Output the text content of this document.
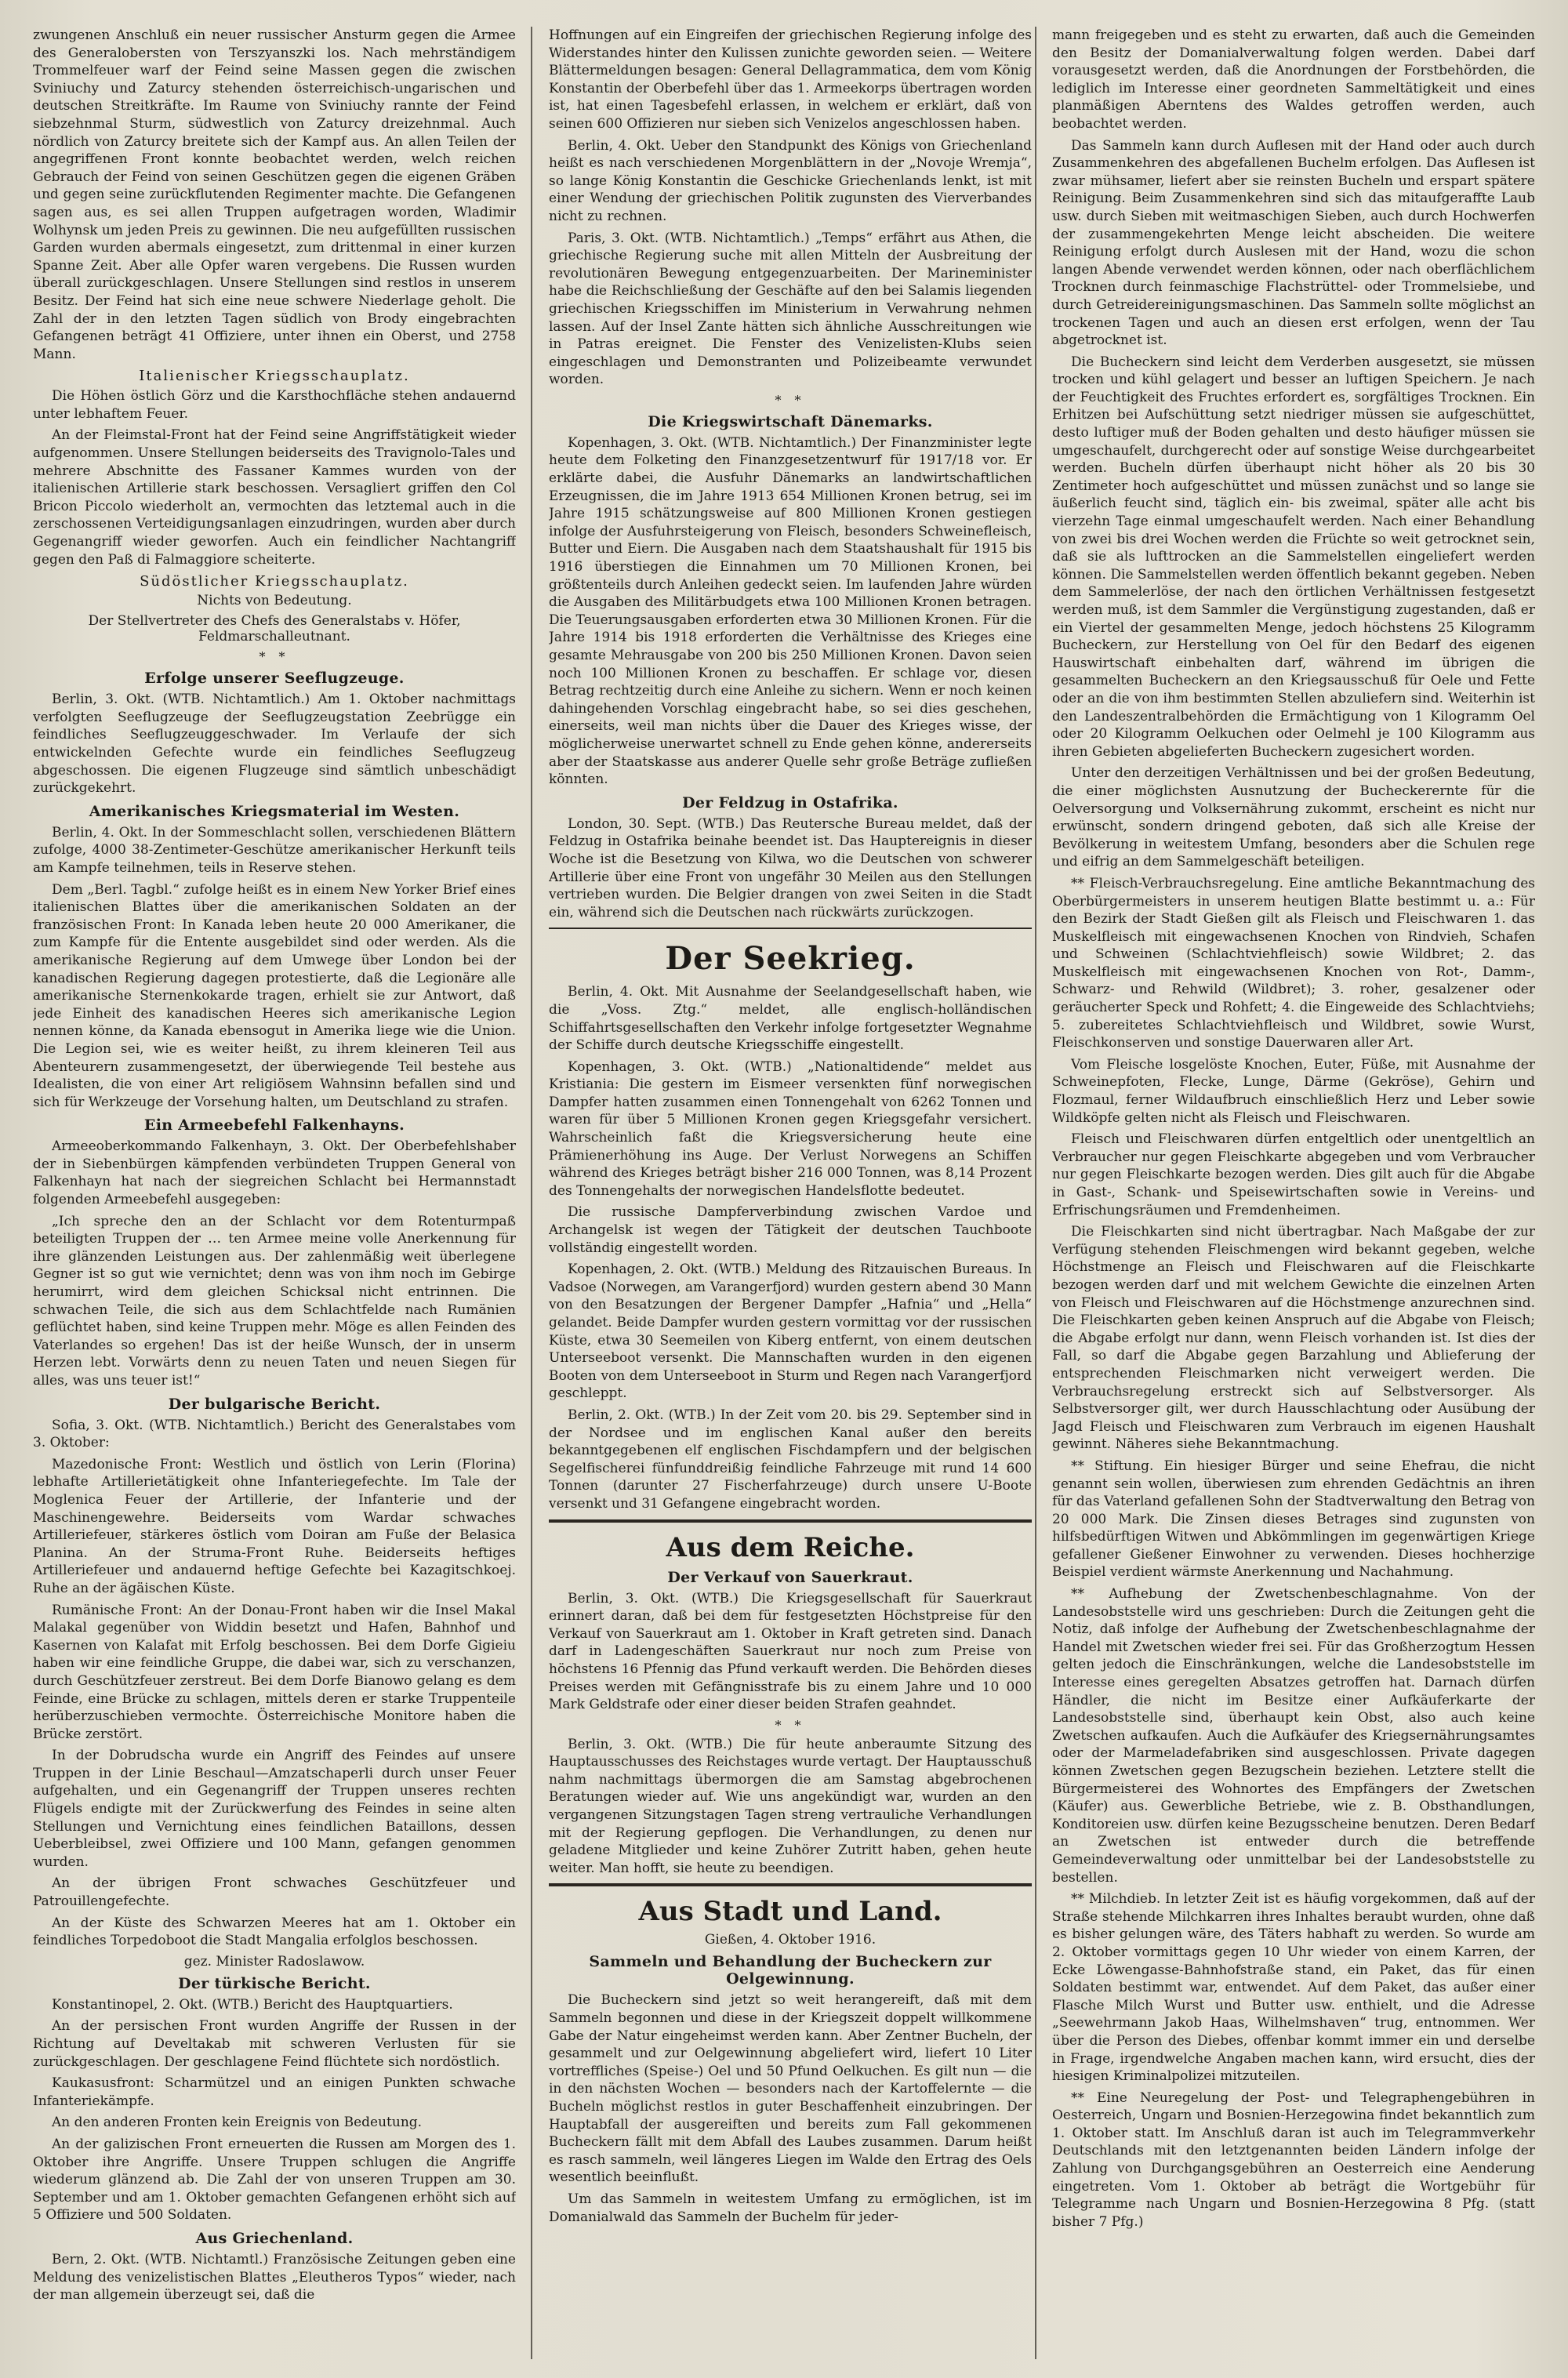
zwungenen Anschluß ein neuer russischer Ansturm gegen die Armee des Generalobersten von Terszyanszki los. Nach mehrständigem Trommelfeuer warf der Feind seine Massen gegen die zwischen Sviniuchy und Zaturcy stehenden österreichisch-ungarischen und deutschen Streitkräfte. Im Raume von Sviniuchy rannte der Feind siebzehnmal Sturm, südwestlich von Zaturcy dreizehnmal. Auch nördlich von Zaturcy breitete sich der Kampf aus. An allen Teilen der angegriffenen Front konnte beobachtet werden, welch reichen Gebrauch der Feind von seinen Geschützen gegen die eigenen Gräben und gegen seine zurückflutenden Regimenter machte. Die Gefangenen sagen aus, es sei allen Truppen aufgetragen worden, Wladimir Wolhynsk um jeden Preis zu gewinnen. Die neu aufgefüllten russischen Garden wurden abermals eingesetzt, zum drittenmal in einer kurzen Spanne Zeit. Aber alle Opfer waren vergebens. Die Russen wurden überall zurückgeschlagen. Unsere Stellungen sind restlos in unserem Besitz. Der Feind hat sich eine neue schwere Niederlage geholt. Die Zahl der in den letzten Tagen südlich von Brody eingebrachten Gefangenen beträgt 41 Offiziere, unter ihnen ein Oberst, und 2758 Mann.

Italienischer Kriegsschauplatz.

Die Höhen östlich Görz und die Karsthochfläche stehen andauernd unter lebhaftem Feuer.

An der Fleimstal-Front hat der Feind seine Angriffstätigkeit wieder aufgenommen. Unsere Stellungen beiderseits des Travignolo-Tales und mehrere Abschnitte des Fassaner Kammes wurden von der italienischen Artillerie stark beschossen. Versagliert griffen den Col Bricon Piccolo wiederholt an, vermochten das letztemal auch in die zerschossenen Verteidigungsanlagen einzudringen, wurden aber durch Gegenangriff wieder geworfen. Auch ein feindlicher Nachtangriff gegen den Paß di Falmaggiore scheiterte.

Südöstlicher Kriegsschauplatz.

Nichts von Bedeutung.

Der Stellvertreter des Chefs des Generalstabs v. Höfer, Feldmarschalleutnant.

* *

Erfolge unserer Seeflugzeuge.

Berlin, 3. Okt. (WTB. Nichtamtlich.) Am 1. Oktober nachmittags verfolgten Seeflugzeuge der Seeflugzeugstation Zeebrügge ein feindliches Seeflugzeuggeschwader. Im Verlaufe der sich entwickelnden Gefechte wurde ein feindliches Seeflugzeug abgeschossen. Die eigenen Flugzeuge sind sämtlich unbeschädigt zurückgekehrt.

Amerikanisches Kriegsmaterial im Westen.

Berlin, 4. Okt. In der Sommeschlacht sollen, verschiedenen Blättern zufolge, 4000 38-Zentimeter-Geschütze amerikanischer Herkunft teils am Kampfe teilnehmen, teils in Reserve stehen.

Dem „Berl. Tagbl.“ zufolge heißt es in einem New Yorker Brief eines italienischen Blattes über die amerikanischen Soldaten an der französischen Front: In Kanada leben heute 20 000 Amerikaner, die zum Kampfe für die Entente ausgebildet sind oder werden. Als die amerikanische Regierung auf dem Umwege über London bei der kanadischen Regierung dagegen protestierte, daß die Legionäre alle amerikanische Sternenkokarde tragen, erhielt sie zur Antwort, daß jede Einheit des kanadischen Heeres sich amerikanische Legion nennen könne, da Kanada ebensogut in Amerika liege wie die Union. Die Legion sei, wie es weiter heißt, zu ihrem kleineren Teil aus Abenteurern zusammengesetzt, der überwiegende Teil bestehe aus Idealisten, die von einer Art religiösem Wahnsinn befallen sind und sich für Werkzeuge der Vorsehung halten, um Deutschland zu strafen.

Ein Armeebefehl Falkenhayns.

Armeeoberkommando Falkenhayn, 3. Okt. Der Oberbefehlshaber der in Siebenbürgen kämpfenden verbündeten Truppen General von Falkenhayn hat nach der siegreichen Schlacht bei Hermannstadt folgenden Armeebefehl ausgegeben:

„Ich spreche den an der Schlacht vor dem Rotenturmpaß beteiligten Truppen der … ten Armee meine volle Anerkennung für ihre glänzenden Leistungen aus. Der zahlenmäßig weit überlegene Gegner ist so gut wie vernichtet; denn was von ihm noch im Gebirge herumirrt, wird dem gleichen Schicksal nicht entrinnen. Die schwachen Teile, die sich aus dem Schlachtfelde nach Rumänien geflüchtet haben, sind keine Truppen mehr. Möge es allen Feinden des Vaterlandes so ergehen! Das ist der heiße Wunsch, der in unserm Herzen lebt. Vorwärts denn zu neuen Taten und neuen Siegen für alles, was uns teuer ist!“

Der bulgarische Bericht.

Sofia, 3. Okt. (WTB. Nichtamtlich.) Bericht des Generalstabes vom 3. Oktober:

Mazedonische Front: Westlich und östlich von Lerin (Florina) lebhafte Artillerietätigkeit ohne Infanteriegefechte. Im Tale der Moglenica Feuer der Artillerie, der Infanterie und der Maschinengewehre. Beiderseits vom Wardar schwaches Artilleriefeuer, stärkeres östlich vom Doiran am Fuße der Belasica Planina. An der Struma-Front Ruhe. Beiderseits heftiges Artilleriefeuer und andauernd heftige Gefechte bei Kazagitschkoej. Ruhe an der ägäischen Küste.

Rumänische Front: An der Donau-Front haben wir die Insel Makal Malakal gegenüber von Widdin besetzt und Hafen, Bahnhof und Kasernen von Kalafat mit Erfolg beschossen. Bei dem Dorfe Gigieiu haben wir eine feindliche Gruppe, die dabei war, sich zu verschanzen, durch Geschützfeuer zerstreut. Bei dem Dorfe Bianowo gelang es dem Feinde, eine Brücke zu schlagen, mittels deren er starke Truppenteile herüberzuschieben vermochte. Österreichische Monitore haben die Brücke zerstört.

In der Dobrudscha wurde ein Angriff des Feindes auf unsere Truppen in der Linie Beschaul—Amzatschaperli durch unser Feuer aufgehalten, und ein Gegenangriff der Truppen unseres rechten Flügels endigte mit der Zurückwerfung des Feindes in seine alten Stellungen und Vernichtung eines feindlichen Bataillons, dessen Ueberbleibsel, zwei Offiziere und 100 Mann, gefangen genommen wurden.

An der übrigen Front schwaches Geschützfeuer und Patrouillengefechte.

An der Küste des Schwarzen Meeres hat am 1. Oktober ein feindliches Torpedoboot die Stadt Mangalia erfolglos beschossen.

gez. Minister Radoslawow.

Der türkische Bericht.

Konstantinopel, 2. Okt. (WTB.) Bericht des Hauptquartiers.

An der persischen Front wurden Angriffe der Russen in der Richtung auf Develtakab mit schweren Verlusten für sie zurückgeschlagen. Der geschlagene Feind flüchtete sich nordöstlich.

Kaukasusfront: Scharmützel und an einigen Punkten schwache Infanteriekämpfe.

An den anderen Fronten kein Ereignis von Bedeutung.

An der galizischen Front erneuerten die Russen am Morgen des 1. Oktober ihre Angriffe. Unsere Truppen schlugen die Angriffe wiederum glänzend ab. Die Zahl der von unseren Truppen am 30. September und am 1. Oktober gemachten Gefangenen erhöht sich auf 5 Offiziere und 500 Soldaten.

Aus Griechenland.

Bern, 2. Okt. (WTB. Nichtamtl.) Französische Zeitungen geben eine Meldung des venizelistischen Blattes „Eleutheros Typos“ wieder, nach der man allgemein überzeugt sei, daß die

Hoffnungen auf ein Eingreifen der griechischen Regierung infolge des Widerstandes hinter den Kulissen zunichte geworden seien. — Weitere Blättermeldungen besagen: General Dellagrammatica, dem vom König Konstantin der Oberbefehl über das 1. Armeekorps übertragen worden ist, hat einen Tagesbefehl erlassen, in welchem er erklärt, daß von seinen 600 Offizieren nur sieben sich Venizelos angeschlossen haben.

Berlin, 4. Okt. Ueber den Standpunkt des Königs von Griechenland heißt es nach verschiedenen Morgenblättern in der „Novoje Wremja“, so lange König Konstantin die Geschicke Griechenlands lenkt, ist mit einer Wendung der griechischen Politik zugunsten des Vierverbandes nicht zu rechnen.

Paris, 3. Okt. (WTB. Nichtamtlich.) „Temps“ erfährt aus Athen, die griechische Regierung suche mit allen Mitteln der Ausbreitung der revolutionären Bewegung entgegenzuarbeiten. Der Marineminister habe die Reichschließung der Geschäfte auf den bei Salamis liegenden griechischen Kriegsschiffen im Ministerium in Verwahrung nehmen lassen. Auf der Insel Zante hätten sich ähnliche Ausschreitungen wie in Patras ereignet. Die Fenster des Venizelisten-Klubs seien eingeschlagen und Demonstranten und Polizeibeamte verwundet worden.

* *

Die Kriegswirtschaft Dänemarks.

Kopenhagen, 3. Okt. (WTB. Nichtamtlich.) Der Finanzminister legte heute dem Folketing den Finanzgesetzentwurf für 1917/18 vor. Er erklärte dabei, die Ausfuhr Dänemarks an landwirtschaftlichen Erzeugnissen, die im Jahre 1913 654 Millionen Kronen betrug, sei im Jahre 1915 schätzungsweise auf 800 Millionen Kronen gestiegen infolge der Ausfuhrsteigerung von Fleisch, besonders Schweinefleisch, Butter und Eiern. Die Ausgaben nach dem Staatshaushalt für 1915 bis 1916 überstiegen die Einnahmen um 70 Millionen Kronen, bei größtenteils durch Anleihen gedeckt seien. Im laufenden Jahre würden die Ausgaben des Militärbudgets etwa 100 Millionen Kronen betragen. Die Teuerungsausgaben erforderten etwa 30 Millionen Kronen. Für die Jahre 1914 bis 1918 erforderten die Verhältnisse des Krieges eine gesamte Mehrausgabe von 200 bis 250 Millionen Kronen. Davon seien noch 100 Millionen Kronen zu beschaffen. Er schlage vor, diesen Betrag rechtzeitig durch eine Anleihe zu sichern. Wenn er noch keinen dahingehenden Vorschlag eingebracht habe, so sei dies geschehen, einerseits, weil man nichts über die Dauer des Krieges wisse, der möglicherweise unerwartet schnell zu Ende gehen könne, andererseits aber der Staatskasse aus anderer Quelle sehr große Beträge zufließen könnten.

Der Feldzug in Ostafrika.

London, 30. Sept. (WTB.) Das Reutersche Bureau meldet, daß der Feldzug in Ostafrika beinahe beendet ist. Das Hauptereignis in dieser Woche ist die Besetzung von Kilwa, wo die Deutschen von schwerer Artillerie über eine Front von ungefähr 30 Meilen aus den Stellungen vertrieben wurden. Die Belgier drangen von zwei Seiten in die Stadt ein, während sich die Deutschen nach rückwärts zurückzogen.

Der Seekrieg.

Berlin, 4. Okt. Mit Ausnahme der Seelandgesellschaft haben, wie die „Voss. Ztg.“ meldet, alle englisch-holländischen Schiffahrtsgesellschaften den Verkehr infolge fortgesetzter Wegnahme der Schiffe durch deutsche Kriegsschiffe eingestellt.

Kopenhagen, 3. Okt. (WTB.) „Nationaltidende“ meldet aus Kristiania: Die gestern im Eismeer versenkten fünf norwegischen Dampfer hatten zusammen einen Tonnengehalt von 6262 Tonnen und waren für über 5 Millionen Kronen gegen Kriegsgefahr versichert. Wahrscheinlich faßt die Kriegsversicherung heute eine Prämienerhöhung ins Auge. Der Verlust Norwegens an Schiffen während des Krieges beträgt bisher 216 000 Tonnen, was 8,14 Prozent des Tonnengehalts der norwegischen Handelsflotte bedeutet.

Die russische Dampferverbindung zwischen Vardoe und Archangelsk ist wegen der Tätigkeit der deutschen Tauchboote vollständig eingestellt worden.

Kopenhagen, 2. Okt. (WTB.) Meldung des Ritzauischen Bureaus. In Vadsoe (Norwegen, am Varangerfjord) wurden gestern abend 30 Mann von den Besatzungen der Bergener Dampfer „Hafnia“ und „Hella“ gelandet. Beide Dampfer wurden gestern vormittag vor der russischen Küste, etwa 30 Seemeilen von Kiberg entfernt, von einem deutschen Unterseeboot versenkt. Die Mannschaften wurden in den eigenen Booten von dem Unterseeboot in Sturm und Regen nach Varangerfjord geschleppt.

Berlin, 2. Okt. (WTB.) In der Zeit vom 20. bis 29. September sind in der Nordsee und im englischen Kanal außer den bereits bekanntgegebenen elf englischen Fischdampfern und der belgischen Segelfischerei fünfunddreißig feindliche Fahrzeuge mit rund 14 600 Tonnen (darunter 27 Fischerfahrzeuge) durch unsere U-Boote versenkt und 31 Gefangene eingebracht worden.

Aus dem Reiche.
Der Verkauf von Sauerkraut.

Berlin, 3. Okt. (WTB.) Die Kriegsgesellschaft für Sauerkraut erinnert daran, daß bei dem für festgesetzten Höchstpreise für den Verkauf von Sauerkraut am 1. Oktober in Kraft getreten sind. Danach darf in Ladengeschäften Sauerkraut nur noch zum Preise von höchstens 16 Pfennig das Pfund verkauft werden. Die Behörden dieses Preises werden mit Gefängnisstrafe bis zu einem Jahre und 10 000 Mark Geldstrafe oder einer dieser beiden Strafen geahndet.

* *

Berlin, 3. Okt. (WTB.) Die für heute anberaumte Sitzung des Hauptausschusses des Reichstages wurde vertagt. Der Hauptausschuß nahm nachmittags übermorgen die am Samstag abgebrochenen Beratungen wieder auf. Wie uns angekündigt war, wurden an den vergangenen Sitzungstagen Tagen streng vertrauliche Verhandlungen mit der Regierung gepflogen. Die Verhandlungen, zu denen nur geladene Mitglieder und keine Zuhörer Zutritt haben, gehen heute weiter. Man hofft, sie heute zu beendigen.

Aus Stadt und Land.

Gießen, 4. Oktober 1916.

Sammeln und Behandlung der Bucheckern zur Oelgewinnung.

Die Bucheckern sind jetzt so weit herangereift, daß mit dem Sammeln begonnen und diese in der Kriegszeit doppelt willkommene Gabe der Natur eingeheimst werden kann. Aber Zentner Bucheln, der gesammelt und zur Oelgewinnung abgeliefert wird, liefert 10 Liter vortreffliches (Speise-) Oel und 50 Pfund Oelkuchen. Es gilt nun — die in den nächsten Wochen — besonders nach der Kartoffelernte — die Bucheln möglichst restlos in guter Beschaffenheit einzubringen. Der Hauptabfall der ausgereiften und bereits zum Fall gekommenen Bucheckern fällt mit dem Abfall des Laubes zusammen. Darum heißt es rasch sammeln, weil längeres Liegen im Walde den Ertrag des Oels wesentlich beeinflußt.

Um das Sammeln in weitestem Umfang zu ermöglichen, ist im Domanialwald das Sammeln der Buchelm für jeder-

mann freigegeben und es steht zu erwarten, daß auch die Gemeinden den Besitz der Domanialverwaltung folgen werden. Dabei darf vorausgesetzt werden, daß die Anordnungen der Forstbehörden, die lediglich im Interesse einer geordneten Sammeltätigkeit und eines planmäßigen Aberntens des Waldes getroffen werden, auch beobachtet werden.

Das Sammeln kann durch Auflesen mit der Hand oder auch durch Zusammenkehren des abgefallenen Buchelm erfolgen. Das Auflesen ist zwar mühsamer, liefert aber sie reinsten Bucheln und erspart spätere Reinigung. Beim Zusammenkehren sind sich das mitaufgeraffte Laub usw. durch Sieben mit weitmaschigen Sieben, auch durch Hochwerfen der zusammengekehrten Menge leicht abscheiden. Die weitere Reinigung erfolgt durch Auslesen mit der Hand, wozu die schon langen Abende verwendet werden können, oder nach oberflächlichem Trocknen durch feinmaschige Flachstrüttel- oder Trommelsiebe, und durch Getreidereinigungsmaschinen. Das Sammeln sollte möglichst an trockenen Tagen und auch an diesen erst erfolgen, wenn der Tau abgetrocknet ist.

Die Bucheckern sind leicht dem Verderben ausgesetzt, sie müssen trocken und kühl gelagert und besser an luftigen Speichern. Je nach der Feuchtigkeit des Fruchtes erfordert es, sorgfältiges Trocknen. Ein Erhitzen bei Aufschüttung setzt niedriger müssen sie aufgeschüttet, desto luftiger muß der Boden gehalten und desto häufiger müssen sie umgeschaufelt, durchgerecht oder auf sonstige Weise durchgearbeitet werden. Bucheln dürfen überhaupt nicht höher als 20 bis 30 Zentimeter hoch aufgeschüttet und müssen zunächst und so lange sie äußerlich feucht sind, täglich ein- bis zweimal, später alle acht bis vierzehn Tage einmal umgeschaufelt werden. Nach einer Behandlung von zwei bis drei Wochen werden die Früchte so weit getrocknet sein, daß sie als lufttrocken an die Sammelstellen eingeliefert werden können. Die Sammelstellen werden öffentlich bekannt gegeben. Neben dem Sammelerlöse, der nach den örtlichen Verhältnissen festgesetzt werden muß, ist dem Sammler die Vergünstigung zugestanden, daß er ein Viertel der gesammelten Menge, jedoch höchstens 25 Kilogramm Bucheckern, zur Herstellung von Oel für den Bedarf des eigenen Hauswirtschaft einbehalten darf, während im übrigen die gesammelten Bucheckern an den Kriegsausschuß für Oele und Fette oder an die von ihm bestimmten Stellen abzuliefern sind. Weiterhin ist den Landeszentralbehörden die Ermächtigung von 1 Kilogramm Oel oder 20 Kilogramm Oelkuchen oder Oelmehl je 100 Kilogramm aus ihren Gebieten abgelieferten Bucheckern zugesichert worden.

Unter den derzeitigen Verhältnissen und bei der großen Bedeutung, die einer möglichsten Ausnutzung der Bucheckerernte für die Oelversorgung und Volksernährung zukommt, erscheint es nicht nur erwünscht, sondern dringend geboten, daß sich alle Kreise der Bevölkerung in weitestem Umfang, besonders aber die Schulen rege und eifrig an dem Sammelgeschäft beteiligen.

** Fleisch-Verbrauchsregelung. Eine amtliche Bekanntmachung des Oberbürgermeisters in unserem heutigen Blatte bestimmt u. a.: Für den Bezirk der Stadt Gießen gilt als Fleisch und Fleischwaren 1. das Muskelfleisch mit eingewachsenen Knochen von Rindvieh, Schafen und Schweinen (Schlachtviehfleisch) sowie Wildbret; 2. das Muskelfleisch mit eingewachsenen Knochen von Rot-, Damm-, Schwarz- und Rehwild (Wildbret); 3. roher, gesalzener oder geräucherter Speck und Rohfett; 4. die Eingeweide des Schlachtviehs; 5. zubereitetes Schlachtviehfleisch und Wildbret, sowie Wurst, Fleischkonserven und sonstige Dauerwaren aller Art.

Vom Fleische losgelöste Knochen, Euter, Füße, mit Ausnahme der Schweinepfoten, Flecke, Lunge, Därme (Gekröse), Gehirn und Flozmaul, ferner Wildaufbruch einschließlich Herz und Leber sowie Wildköpfe gelten nicht als Fleisch und Fleischwaren.

Fleisch und Fleischwaren dürfen entgeltlich oder unentgeltlich an Verbraucher nur gegen Fleischkarte abgegeben und vom Verbraucher nur gegen Fleischkarte bezogen werden. Dies gilt auch für die Abgabe in Gast-, Schank- und Speisewirtschaften sowie in Vereins- und Erfrischungsräumen und Fremdenheimen.

Die Fleischkarten sind nicht übertragbar. Nach Maßgabe der zur Verfügung stehenden Fleischmengen wird bekannt gegeben, welche Höchstmenge an Fleisch und Fleischwaren auf die Fleischkarte bezogen werden darf und mit welchem Gewichte die einzelnen Arten von Fleisch und Fleischwaren auf die Höchstmenge anzurechnen sind. Die Fleischkarten geben keinen Anspruch auf die Abgabe von Fleisch; die Abgabe erfolgt nur dann, wenn Fleisch vorhanden ist. Ist dies der Fall, so darf die Abgabe gegen Barzahlung und Ablieferung der entsprechenden Fleischmarken nicht verweigert werden. Die Verbrauchsregelung erstreckt sich auf Selbstversorger. Als Selbstversorger gilt, wer durch Hausschlachtung oder Ausübung der Jagd Fleisch und Fleischwaren zum Verbrauch im eigenen Haushalt gewinnt. Näheres siehe Bekanntmachung.

** Stiftung. Ein hiesiger Bürger und seine Ehefrau, die nicht genannt sein wollen, überwiesen zum ehrenden Gedächtnis an ihren für das Vaterland gefallenen Sohn der Stadtverwaltung den Betrag von 20 000 Mark. Die Zinsen dieses Betrages sind zugunsten von hilfsbedürftigen Witwen und Abkömmlingen im gegenwärtigen Kriege gefallener Gießener Einwohner zu verwenden. Dieses hochherzige Beispiel verdient wärmste Anerkennung und Nachahmung.

** Aufhebung der Zwetschenbeschlagnahme. Von der Landesobststelle wird uns geschrieben: Durch die Zeitungen geht die Notiz, daß infolge der Aufhebung der Zwetschenbeschlagnahme der Handel mit Zwetschen wieder frei sei. Für das Großherzogtum Hessen gelten jedoch die Einschränkungen, welche die Landesobststelle im Interesse eines geregelten Absatzes getroffen hat. Darnach dürfen Händler, die nicht im Besitze einer Aufkäuferkarte der Landesobststelle sind, überhaupt kein Obst, also auch keine Zwetschen aufkaufen. Auch die Aufkäufer des Kriegsernährungsamtes oder der Marmeladefabriken sind ausgeschlossen. Private dagegen können Zwetschen gegen Bezugschein beziehen. Letztere stellt die Bürgermeisterei des Wohnortes des Empfängers der Zwetschen (Käufer) aus. Gewerbliche Betriebe, wie z. B. Obsthandlungen, Konditoreien usw. dürfen keine Bezugsscheine benutzen. Deren Bedarf an Zwetschen ist entweder durch die betreffende Gemeindeverwaltung oder unmittelbar bei der Landesobststelle zu bestellen.

** Milchdieb. In letzter Zeit ist es häufig vorgekommen, daß auf der Straße stehende Milchkarren ihres Inhaltes beraubt wurden, ohne daß es bisher gelungen wäre, des Täters habhaft zu werden. So wurde am 2. Oktober vormittags gegen 10 Uhr wieder von einem Karren, der Ecke Löwengasse-Bahnhofstraße stand, ein Paket, das für einen Soldaten bestimmt war, entwendet. Auf dem Paket, das außer einer Flasche Milch Wurst und Butter usw. enthielt, und die Adresse „Seewehrmann Jakob Haas, Wilhelmshaven“ trug, entnommen. Wer über die Person des Diebes, offenbar kommt immer ein und derselbe in Frage, irgendwelche Angaben machen kann, wird ersucht, dies der hiesigen Kriminalpolizei mitzuteilen.

** Eine Neuregelung der Post- und Telegraphengebühren in Oesterreich, Ungarn und Bosnien-Herzegowina findet bekanntlich zum 1. Oktober statt. Im Anschluß daran ist auch im Telegrammverkehr Deutschlands mit den letztgenannten beiden Ländern infolge der Zahlung von Durchgangsgebühren an Oesterreich eine Aenderung eingetreten. Vom 1. Oktober ab beträgt die Wortgebühr für Telegramme nach Ungarn und Bosnien-Herzegowina 8 Pfg. (statt bisher 7 Pfg.)
